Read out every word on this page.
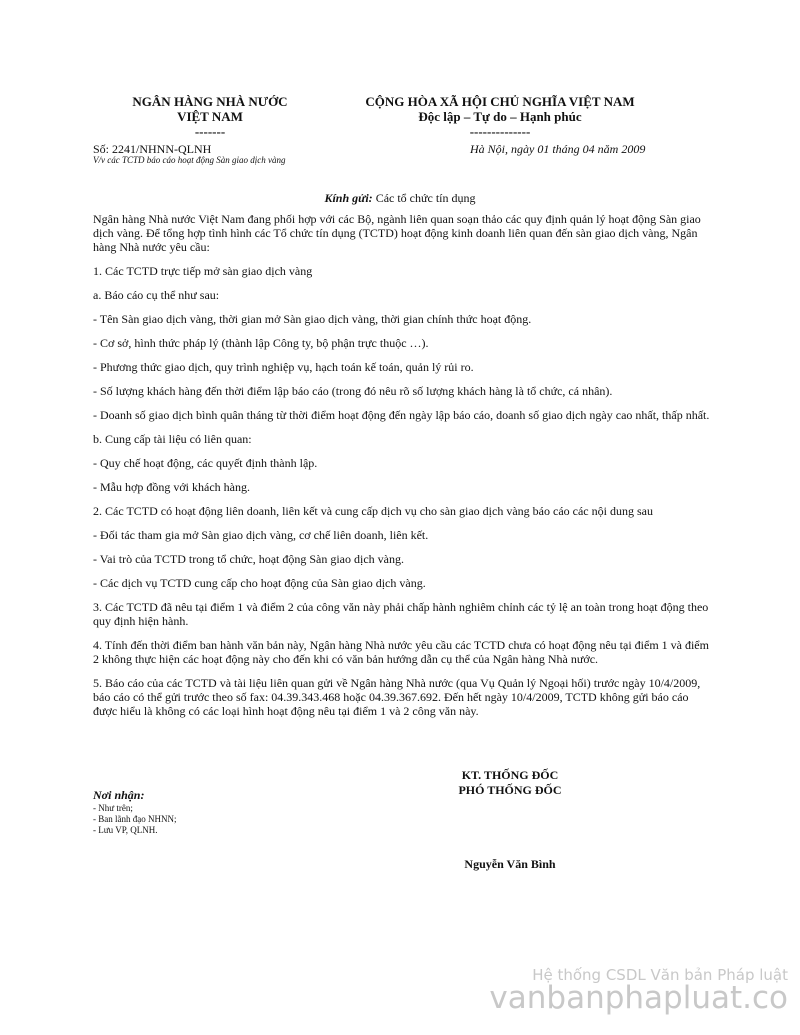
NGÂN HÀNG NHÀ NƯỚC
VIỆT NAM
-------
CỘNG HÒA XÃ HỘI CHỦ NGHĨA VIỆT NAM
Độc lập – Tự do – Hạnh phúc
--------------
Số: 2241/NHNN-QLNH
V/v các TCTD báo cáo hoạt động Sàn giao dịch vàng
Hà Nội, ngày 01 tháng 04 năm 2009
Kính gửi: Các tổ chức tín dụng

Ngân hàng Nhà nước Việt Nam đang phối hợp với các Bộ, ngành liên quan soạn thảo các quy định quản lý hoạt động Sàn giao dịch vàng. Để tổng hợp tình hình các Tổ chức tín dụng (TCTD) hoạt động kinh doanh liên quan đến sàn giao dịch vàng, Ngân hàng Nhà nước yêu cầu:

1. Các TCTD trực tiếp mở sàn giao dịch vàng

a. Báo cáo cụ thể như sau:

- Tên Sàn giao dịch vàng, thời gian mở Sàn giao dịch vàng, thời gian chính thức hoạt động.

- Cơ sở, hình thức pháp lý (thành lập Công ty, bộ phận trực thuộc …).

- Phương thức giao dịch, quy trình nghiệp vụ, hạch toán kế toán, quản lý rủi ro.

- Số lượng khách hàng đến thời điểm lập báo cáo (trong đó nêu rõ số lượng khách hàng là tổ chức, cá nhân).

- Doanh số giao dịch bình quân tháng từ thời điểm hoạt động đến ngày lập báo cáo, doanh số giao dịch ngày cao nhất, thấp nhất.

b. Cung cấp tài liệu có liên quan:

- Quy chế hoạt động, các quyết định thành lập.

- Mẫu hợp đồng với khách hàng.

2. Các TCTD có hoạt động liên doanh, liên kết và cung cấp dịch vụ cho sàn giao dịch vàng báo cáo các nội dung sau

- Đối tác tham gia mở Sàn giao dịch vàng, cơ chế liên doanh, liên kết.

- Vai trò của TCTD trong tổ chức, hoạt động Sàn giao dịch vàng.

- Các dịch vụ TCTD cung cấp cho hoạt động của Sàn giao dịch vàng.

3. Các TCTD đã nêu tại điểm 1 và điểm 2 của công văn này phải chấp hành nghiêm chỉnh các tỷ lệ an toàn trong hoạt động theo quy định hiện hành.

4. Tính đến thời điểm ban hành văn bản này, Ngân hàng Nhà nước yêu cầu các TCTD chưa có hoạt động nêu tại điểm 1 và điểm 2 không thực hiện các hoạt động này cho đến khi có văn bản hướng dẫn cụ thể của Ngân hàng Nhà nước.

5. Báo cáo của các TCTD và tài liệu liên quan gửi về Ngân hàng Nhà nước (qua Vụ Quản lý Ngoại hối) trước ngày 10/4/2009, báo cáo có thể gửi trước theo số fax: 04.39.343.468 hoặc 04.39.367.692. Đến hết ngày 10/4/2009, TCTD không gửi báo cáo được hiểu là không có các loại hình hoạt động nêu tại điểm 1 và 2 công văn này.

KT. THỐNG ĐỐC
PHÓ THỐNG ĐỐC
Nơi nhận:
- Như trên;
- Ban lãnh đạo NHNN;
- Lưu VP, QLNH.
Nguyễn Văn Bình
Hệ thống CSDL Văn bản Pháp luật
vanbanphapluat.co
